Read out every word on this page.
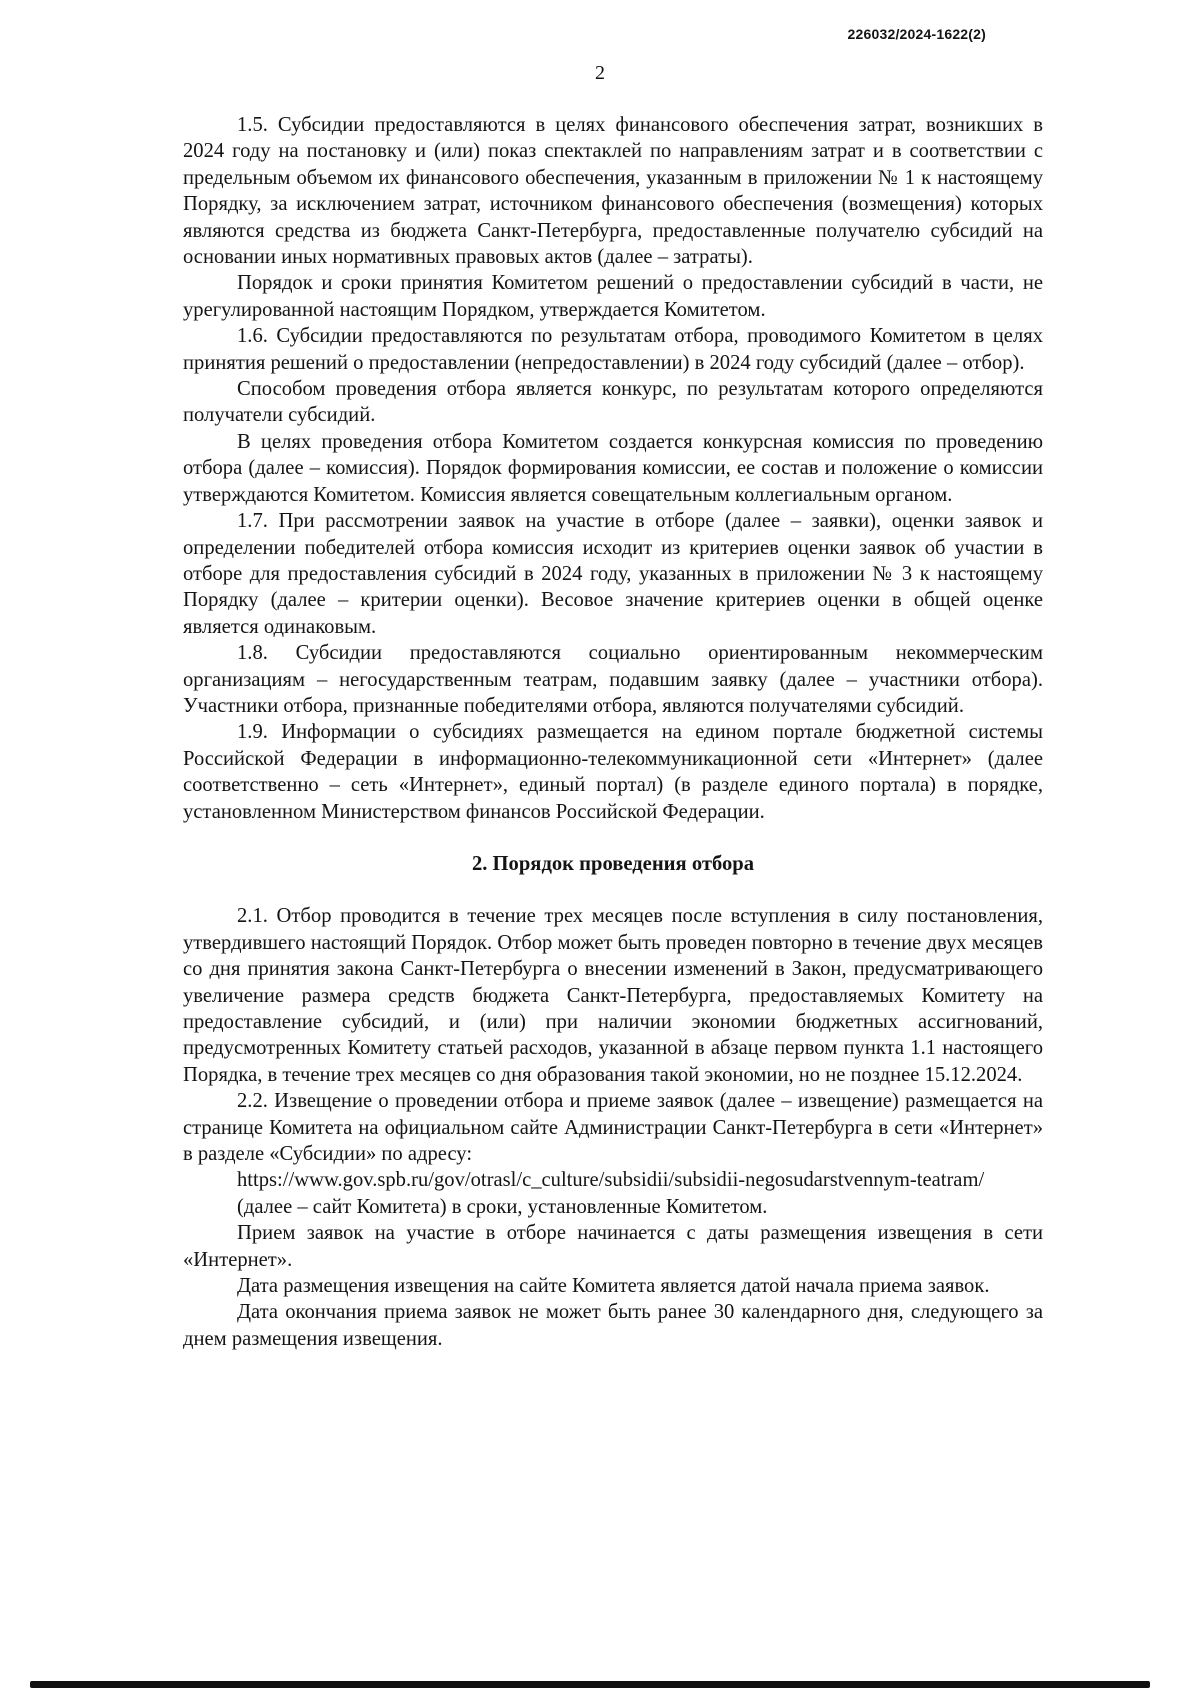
226032/2024-1622(2)
2

1.5. Субсидии предоставляются в целях финансового обеспечения затрат, возникших в 2024 году на постановку и (или) показ спектаклей по направлениям затрат и в соответствии с предельным объемом их финансового обеспечения, указанным в приложении № 1 к настоящему Порядку, за исключением затрат, источником финансового обеспечения (возмещения) которых являются средства из бюджета Санкт-Петербурга, предоставленные получателю субсидий на основании иных нормативных правовых актов (далее – затраты).

Порядок и сроки принятия Комитетом решений о предоставлении субсидий в части, не урегулированной настоящим Порядком, утверждается Комитетом.

1.6. Субсидии предоставляются по результатам отбора, проводимого Комитетом в целях принятия решений о предоставлении (непредоставлении) в 2024 году субсидий (далее – отбор).

Способом проведения отбора является конкурс, по результатам которого определяются получатели субсидий.

В целях проведения отбора Комитетом создается конкурсная комиссия по проведению отбора (далее – комиссия). Порядок формирования комиссии, ее состав и положение о комиссии утверждаются Комитетом. Комиссия является совещательным коллегиальным органом.

1.7. При рассмотрении заявок на участие в отборе (далее – заявки), оценки заявок и определении победителей отбора комиссия исходит из критериев оценки заявок об участии в отборе для предоставления субсидий в 2024 году, указанных в приложении № 3 к настоящему Порядку (далее – критерии оценки). Весовое значение критериев оценки в общей оценке является одинаковым.

1.8. Субсидии предоставляются социально ориентированным некоммерческим организациям – негосударственным театрам, подавшим заявку (далее – участники отбора). Участники отбора, признанные победителями отбора, являются получателями субсидий.

1.9. Информации о субсидиях размещается на едином портале бюджетной системы Российской Федерации в информационно-телекоммуникационной сети «Интернет» (далее соответственно – сеть «Интернет», единый портал) (в разделе единого портала) в порядке, установленном Министерством финансов Российской Федерации.

2. Порядок проведения отбора

2.1. Отбор проводится в течение трех месяцев после вступления в силу постановления, утвердившего настоящий Порядок. Отбор может быть проведен повторно в течение двух месяцев со дня принятия закона Санкт-Петербурга о внесении изменений в Закон, предусматривающего увеличение размера средств бюджета Санкт-Петербурга, предоставляемых Комитету на предоставление субсидий, и (или) при наличии экономии бюджетных ассигнований, предусмотренных Комитету статьей расходов, указанной в абзаце первом пункта 1.1 настоящего Порядка, в течение трех месяцев со дня образования такой экономии, но не позднее 15.12.2024.

2.2. Извещение о проведении отбора и приеме заявок (далее – извещение) размещается на странице Комитета на официальном сайте Администрации Санкт-Петербурга в сети «Интернет» в разделе «Субсидии» по адресу:

https://www.gov.spb.ru/gov/otrasl/c_culture/subsidii/subsidii-negosudarstvennym-teatram/

(далее – сайт Комитета) в сроки, установленные Комитетом.

Прием заявок на участие в отборе начинается с даты размещения извещения в сети «Интернет».

Дата размещения извещения на сайте Комитета является датой начала приема заявок.

Дата окончания приема заявок не может быть ранее 30 календарного дня, следующего за днем размещения извещения.
